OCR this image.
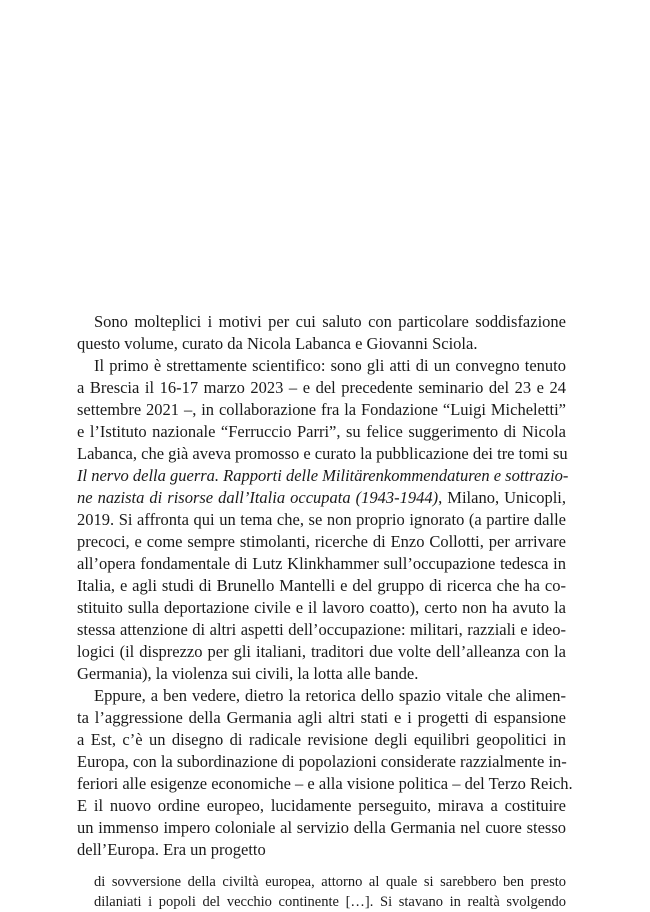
Sono molteplici i motivi per cui saluto con particolare soddisfazione
questo volume, curato da Nicola Labanca e Giovanni Sciola.
Il primo è strettamente scientifico: sono gli atti di un convegno tenuto
a Brescia il 16-17 marzo 2023 – e del precedente seminario del 23 e 24
settembre 2021 –, in collaborazione fra la Fondazione “Luigi Micheletti”
e l’Istituto nazionale “Ferruccio Parri”, su felice suggerimento di Nicola
Labanca, che già aveva promosso e curato la pubblicazione dei tre tomi su
Il nervo della guerra. Rapporti delle Militärenkommendaturen e sottrazio-
ne nazista di risorse dall’Italia occupata (1943-1944), Milano, Unicopli,
2019. Si affronta qui un tema che, se non proprio ignorato (a partire dalle
precoci, e come sempre stimolanti, ricerche di Enzo Collotti, per arrivare
all’opera fondamentale di Lutz Klinkhammer sull’occupazione tedesca in
Italia, e agli studi di Brunello Mantelli e del gruppo di ricerca che ha co-
stituito sulla deportazione civile e il lavoro coatto), certo non ha avuto la
stessa attenzione di altri aspetti dell’occupazione: militari, razziali e ideo-
logici (il disprezzo per gli italiani, traditori due volte dell’alleanza con la
Germania), la violenza sui civili, la lotta alle bande.
Eppure, a ben vedere, dietro la retorica dello spazio vitale che alimen-
ta l’aggressione della Germania agli altri stati e i progetti di espansione
a Est, c’è un disegno di radicale revisione degli equilibri geopolitici in
Europa, con la subordinazione di popolazioni considerate razzialmente in-
feriori alle esigenze economiche – e alla visione politica – del Terzo Reich.
E il nuovo ordine europeo, lucidamente perseguito, mirava a costituire
un immenso impero coloniale al servizio della Germania nel cuore stesso
dell’Europa. Era un progetto
di sovversione della civiltà europea, attorno al quale si sarebbero ben presto
dilaniati i popoli del vecchio continente […]. Si stavano in realtà svolgendo
